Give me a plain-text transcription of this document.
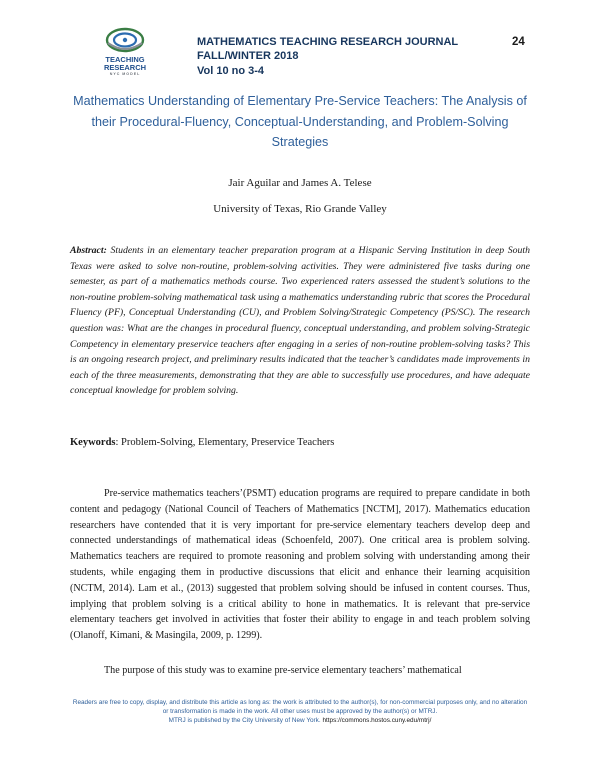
TEACHING
RESEARCH
NYC MODEL
MATHEMATICS TEACHING RESEARCH JOURNAL
FALL/WINTER 2018
Vol 10 no 3-4
24
Mathematics Understanding of Elementary Pre-Service Teachers: The Analysis of their Procedural-Fluency, Conceptual-Understanding, and Problem-Solving Strategies
Jair Aguilar and James A. Telese
University of Texas, Rio Grande Valley
Abstract: Students in an elementary teacher preparation program at a Hispanic Serving Institution in deep South Texas were asked to solve non-routine, problem-solving activities. They were administered five tasks during one semester, as part of a mathematics methods course. Two experienced raters assessed the student’s solutions to the non-routine problem-solving mathematical task using a mathematics understanding rubric that scores the Procedural Fluency (PF), Conceptual Understanding (CU), and Problem Solving/Strategic Competency (PS/SC). The research question was: What are the changes in procedural fluency, conceptual understanding, and problem solving-Strategic Competency in elementary preservice teachers after engaging in a series of non-routine problem-solving tasks? This is an ongoing research project, and preliminary results indicated that the teacher’s candidates made improvements in each of the three measurements, demonstrating that they are able to successfully use procedures, and have adequate conceptual knowledge for problem solving.
Keywords: Problem-Solving, Elementary, Preservice Teachers

Pre-service mathematics teachers’(PSMT) education programs are required to prepare candidate in both content and pedagogy (National Council of Teachers of Mathematics [NCTM], 2017). Mathematics education researchers have contended that it is very important for pre-service elementary teachers develop deep and connected understandings of mathematical ideas (Schoenfeld, 2007). One critical area is problem solving. Mathematics teachers are required to promote reasoning and problem solving with understanding among their students, while engaging them in productive discussions that elicit and enhance their learning acquisition (NCTM, 2014). Lam et al., (2013) suggested that problem solving should be infused in content courses. Thus, implying that problem solving is a critical ability to hone in mathematics. It is relevant that pre-service elementary teachers get involved in activities that foster their ability to engage in and teach problem solving (Olanoff, Kimani, & Masingila, 2009, p. 1299).

The purpose of this study was to examine pre-service elementary teachers’ mathematical

Readers are free to copy, display, and distribute this article as long as: the work is attributed to the author(s), for non-commercial purposes only, and no alteration or transformation is made in the work. All other uses must be approved by the author(s) or MTRJ.
MTRJ is published by the City University of New York. https://commons.hostos.cuny.edu/mtrj/
